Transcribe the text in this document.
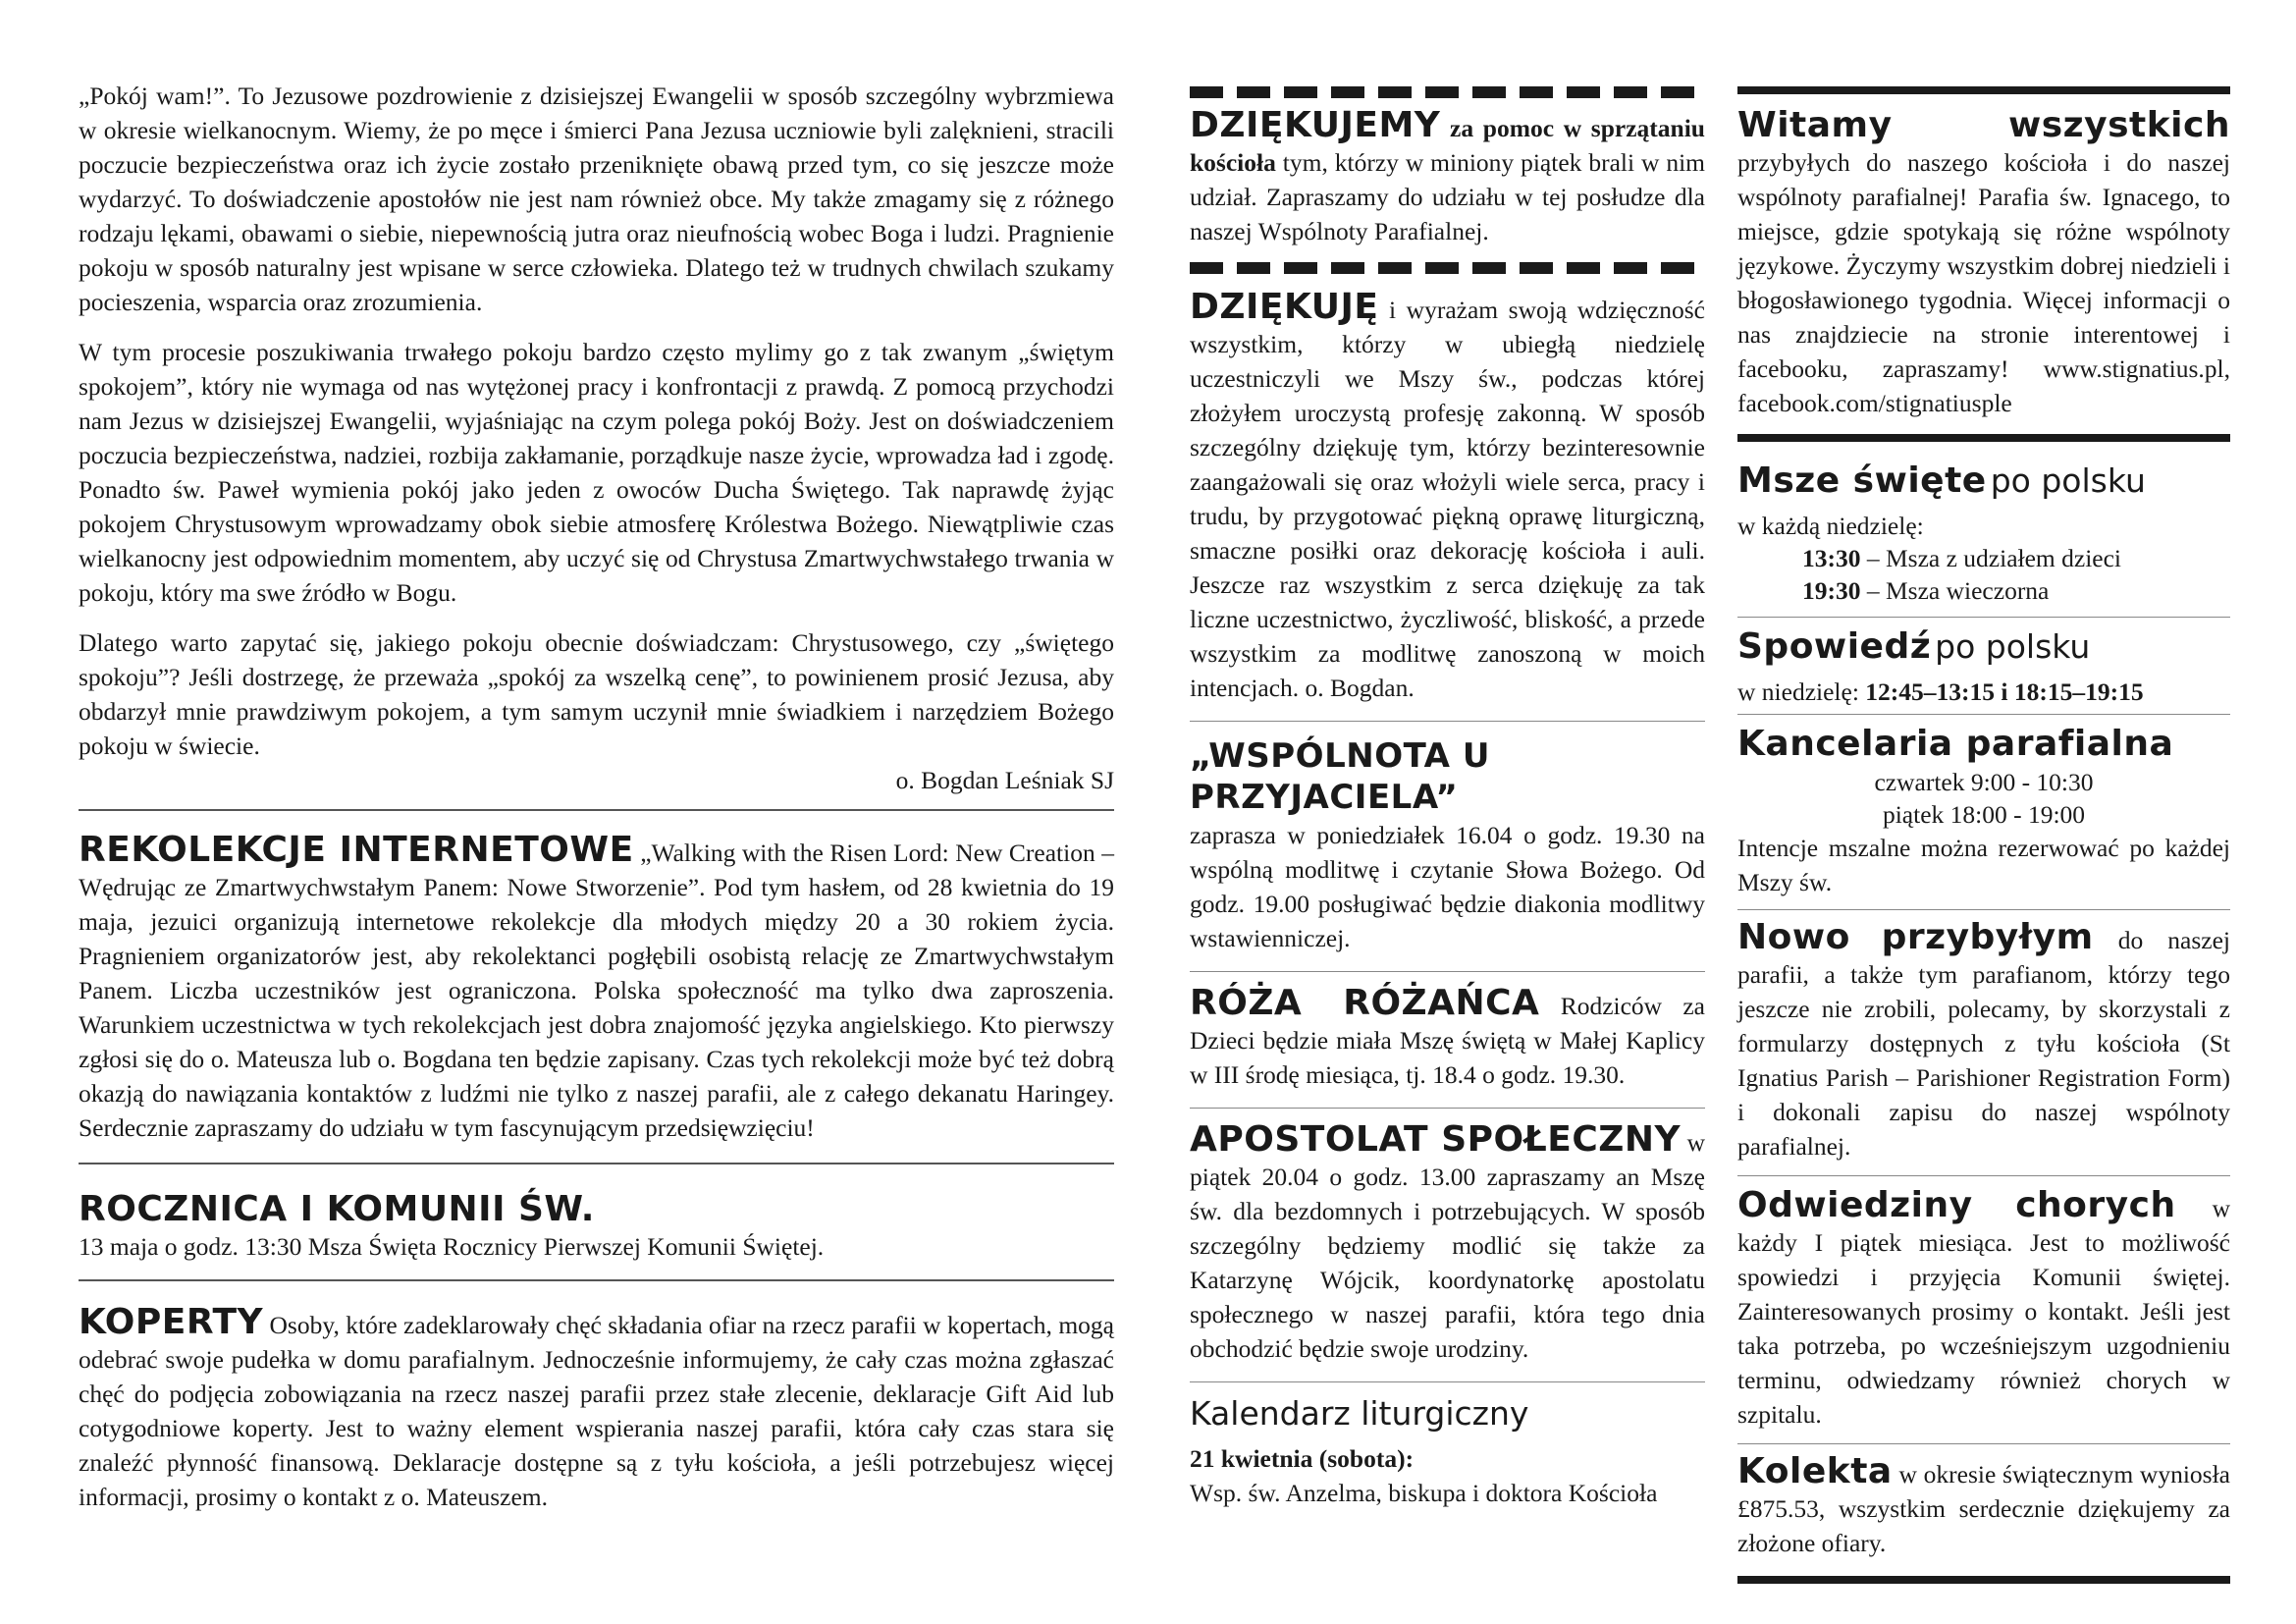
„Pokój wam!”. To Jezusowe pozdrowienie z dzisiejszej Ewangelii w sposób szczególny wybrzmiewa w okresie wielkanocnym. Wiemy, że po męce i śmierci Pana Jezusa uczniowie byli zalęknieni, stracili poczucie bezpieczeństwa oraz ich życie zostało przeniknięte obawą przed tym, co się jeszcze może wydarzyć. To doświadczenie apostołów nie jest nam również obce. My także zmagamy się z różnego rodzaju lękami, obawami o siebie, niepewnością jutra oraz nieufnością wobec Boga i ludzi. Pragnienie pokoju w sposób naturalny jest wpisane w serce człowieka. Dlatego też w trudnych chwilach szukamy pocieszenia, wsparcia oraz zrozumienia.

W tym procesie poszukiwania trwałego pokoju bardzo często mylimy go z tak zwanym „świętym spokojem”, który nie wymaga od nas wytężonej pracy i konfrontacji z prawdą. Z pomocą przychodzi nam Jezus w dzisiejszej Ewangelii, wyjaśniając na czym polega pokój Boży. Jest on doświadczeniem poczucia bezpieczeństwa, nadziei, rozbija zakłamanie, porządkuje nasze życie, wprowadza ład i zgodę. Ponadto św. Paweł wymienia pokój jako jeden z owoców Ducha Świętego. Tak naprawdę żyjąc pokojem Chrystusowym wprowadzamy obok siebie atmosferę Królestwa Bożego. Niewątpliwie czas wielkanocny jest odpowiednim momentem, aby uczyć się od Chrystusa Zmartwychwstałego trwania w pokoju, który ma swe źródło w Bogu.

Dlatego warto zapytać się, jakiego pokoju obecnie doświadczam: Chrystusowego, czy „świętego spokoju”? Jeśli dostrzegę, że przeważa „spokój za wszelką cenę”, to powinienem prosić Jezusa, aby obdarzył mnie prawdziwym pokojem, a tym samym uczynił mnie świadkiem i narzędziem Bożego pokoju w świecie.

o. Bogdan Leśniak SJ

REKOLEKCJE INTERNETOWE „Walking with the Risen Lord: New Creation – Wędrując ze Zmartwychwstałym Panem: Nowe Stworzenie”. Pod tym hasłem, od 28 kwietnia do 19 maja, jezuici organizują internetowe rekolekcje dla młodych między 20 a 30 rokiem życia. Pragnieniem organizatorów jest, aby rekolektanci pogłębili osobistą relację ze Zmartwychwstałym Panem. Liczba uczestników jest ograniczona. Polska społeczność ma tylko dwa zaproszenia. Warunkiem uczestnictwa w tych rekolekcjach jest dobra znajomość języka angielskiego. Kto pierwszy zgłosi się do o. Mateusza lub o. Bogdana ten będzie zapisany. Czas tych rekolekcji może być też dobrą okazją do nawiązania kontaktów z ludźmi nie tylko z naszej parafii, ale z całego dekanatu Haringey. Serdecznie zapraszamy do udziału w tym fascynującym przedsięwzięciu!

ROCZNICA I KOMUNII ŚW.

13 maja o godz. 13:30 Msza Święta Rocznicy Pierwszej Komunii Świętej.

KOPERTY Osoby, które zadeklarowały chęć składania ofiar na rzecz parafii w kopertach, mogą odebrać swoje pudełka w domu parafialnym. Jednocześnie informujemy, że cały czas można zgłaszać chęć do podjęcia zobowiązania na rzecz naszej parafii przez stałe zlecenie, deklaracje Gift Aid lub cotygodniowe koperty. Jest to ważny element wspierania naszej parafii, która cały czas stara się znaleźć płynność finansową. Deklaracje dostępne są z tyłu kościoła, a jeśli potrzebujesz więcej informacji, prosimy o kontakt z o. Mateuszem.

DZIĘKUJEMY za pomoc w sprzątaniu kościoła tym, którzy w miniony piątek brali w nim udział. Zapraszamy do udziału w tej posłudze dla naszej Wspólnoty Parafialnej.

DZIĘKUJĘ i wyrażam swoją wdzięczność wszystkim, którzy w ubiegłą niedzielę uczestniczyli we Mszy św., podczas której złożyłem uroczystą profesję zakonną. W sposób szczególny dziękuję tym, którzy bezinteresownie zaangażowali się oraz włożyli wiele serca, pracy i trudu, by przygotować piękną oprawę liturgiczną, smaczne posiłki oraz dekorację kościoła i auli. Jeszcze raz wszystkim z serca dziękuję za tak liczne uczestnictwo, życzliwość, bliskość, a przede wszystkim za modlitwę zanoszoną w moich intencjach. o. Bogdan.

„WSPÓLNOTA U PRZYJACIELA”

zaprasza w poniedziałek 16.04 o godz. 19.30 na wspólną modlitwę i czytanie Słowa Bożego. Od godz. 19.00 posługiwać będzie diakonia modlitwy wstawienniczej.

RÓŻA RÓŻAŃCA Rodziców za Dzieci będzie miała Mszę świętą w Małej Kaplicy w III środę miesiąca, tj. 18.4 o godz. 19.30.

APOSTOLAT SPOŁECZNY w piątek 20.04 o godz. 13.00 zapraszamy an Mszę św. dla bezdomnych i potrzebujących. W sposób szczególny będziemy modlić się także za Katarzynę Wójcik, koordynatorkę apostolatu społecznego w naszej parafii, która tego dnia obchodzić będzie swoje urodziny.

Kalendarz liturgiczny

21 kwietnia (sobota):

Wsp. św. Anzelma, biskupa i doktora Kościoła

Witamy wszystkich przybyłych do naszego kościoła i do naszej wspólnoty parafialnej! Parafia św. Ignacego, to miejsce, gdzie spotykają się różne wspólnoty językowe. Życzymy wszystkim dobrej niedzieli i błogosławionego tygodnia. Więcej informacji o nas znajdziecie na stronie interentowej i facebooku, zapraszamy! www.stignatius.pl, facebook.com/stignatiusple

Msze święte po polsku

w każdą niedzielę:

13:30 – Msza z udziałem dzieci

19:30 – Msza wieczorna

Spowiedź po polsku

w niedzielę: 12:45–13:15 i 18:15–19:15

Kancelaria parafialna

czwartek 9:00 - 10:30

piątek 18:00 - 19:00

Intencje mszalne można rezerwować po każdej Mszy św.

Nowo przybyłym do naszej parafii, a także tym parafianom, którzy tego jeszcze nie zrobili, polecamy, by skorzystali z formularzy dostępnych z tyłu kościoła (St Ignatius Parish – Parishioner Registration Form) i dokonali zapisu do naszej wspólnoty parafialnej.

Odwiedziny chorych w każdy I piątek miesiąca. Jest to możliwość spowiedzi i przyjęcia Komunii świętej. Zainteresowanych prosimy o kontakt. Jeśli jest taka potrzeba, po wcześniejszym uzgodnieniu terminu, odwiedzamy również chorych w szpitalu.

Kolekta w okresie świątecznym wyniosła £875.53, wszystkim serdecznie dziękujemy za złożone ofiary.
